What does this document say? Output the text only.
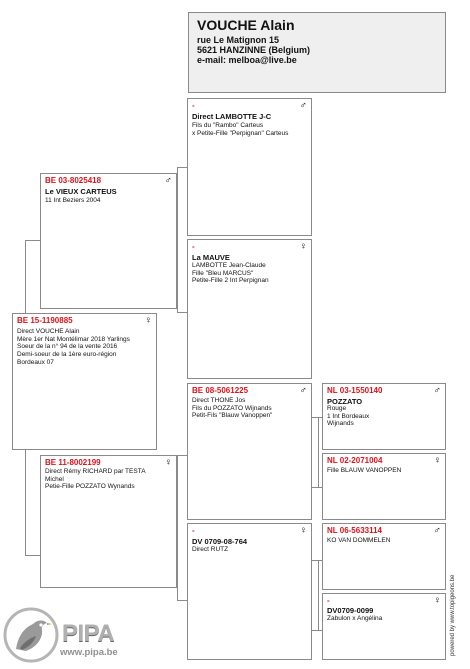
VOUCHE Alain
rue Le Matignon 15
5621 HANZINNE (Belgium)
e-mail: melboa@live.be
BE 15-1190885	♀
Direct VOUCHE Alain
Mère 1er Nat Montélimar 2018 Yarlings
Soeur de la n° 94 de la vente 2016
Demi-soeur de la 1ère euro-région
Bordeaux 07
BE 03-8025418	♂
Le VIEUX CARTEUS
11 Int Beziers 2004
BE 11-8002199	♀
Direct Rémy RICHARD par TESTA
Michel
Petie-Fille POZZATO Wynands
-	♂
Direct LAMBOTTE J-C
Fils du "Rambo" Carteus
x Petite-Fille "Perpignan" Carteus
-	♀
La MAUVE
LAMBOTTE Jean-Claude
Fille "Bleu MARCUS"
Petite-Fille 2 Int Perpignan
BE 08-5061225	♂
Direct THONE Jos
Fils du POZZATO Wijnands
Petit-Fils "Blauw Vanoppen"
-	♀
DV 0709-08-764
Direct RUTZ
NL 03-1550140	♂
POZZATO
Rouge
1 Int Bordeaux
Wijnands
NL 02-2071004	♀
Fille BLAUW VANOPPEN
NL 06-5633114	♂
KO VAN DOMMELEN
-	♀
DV0709-0099
Zabulon x Angélina
PIPA
www.pipa.be	powered by www.topigeons.be
